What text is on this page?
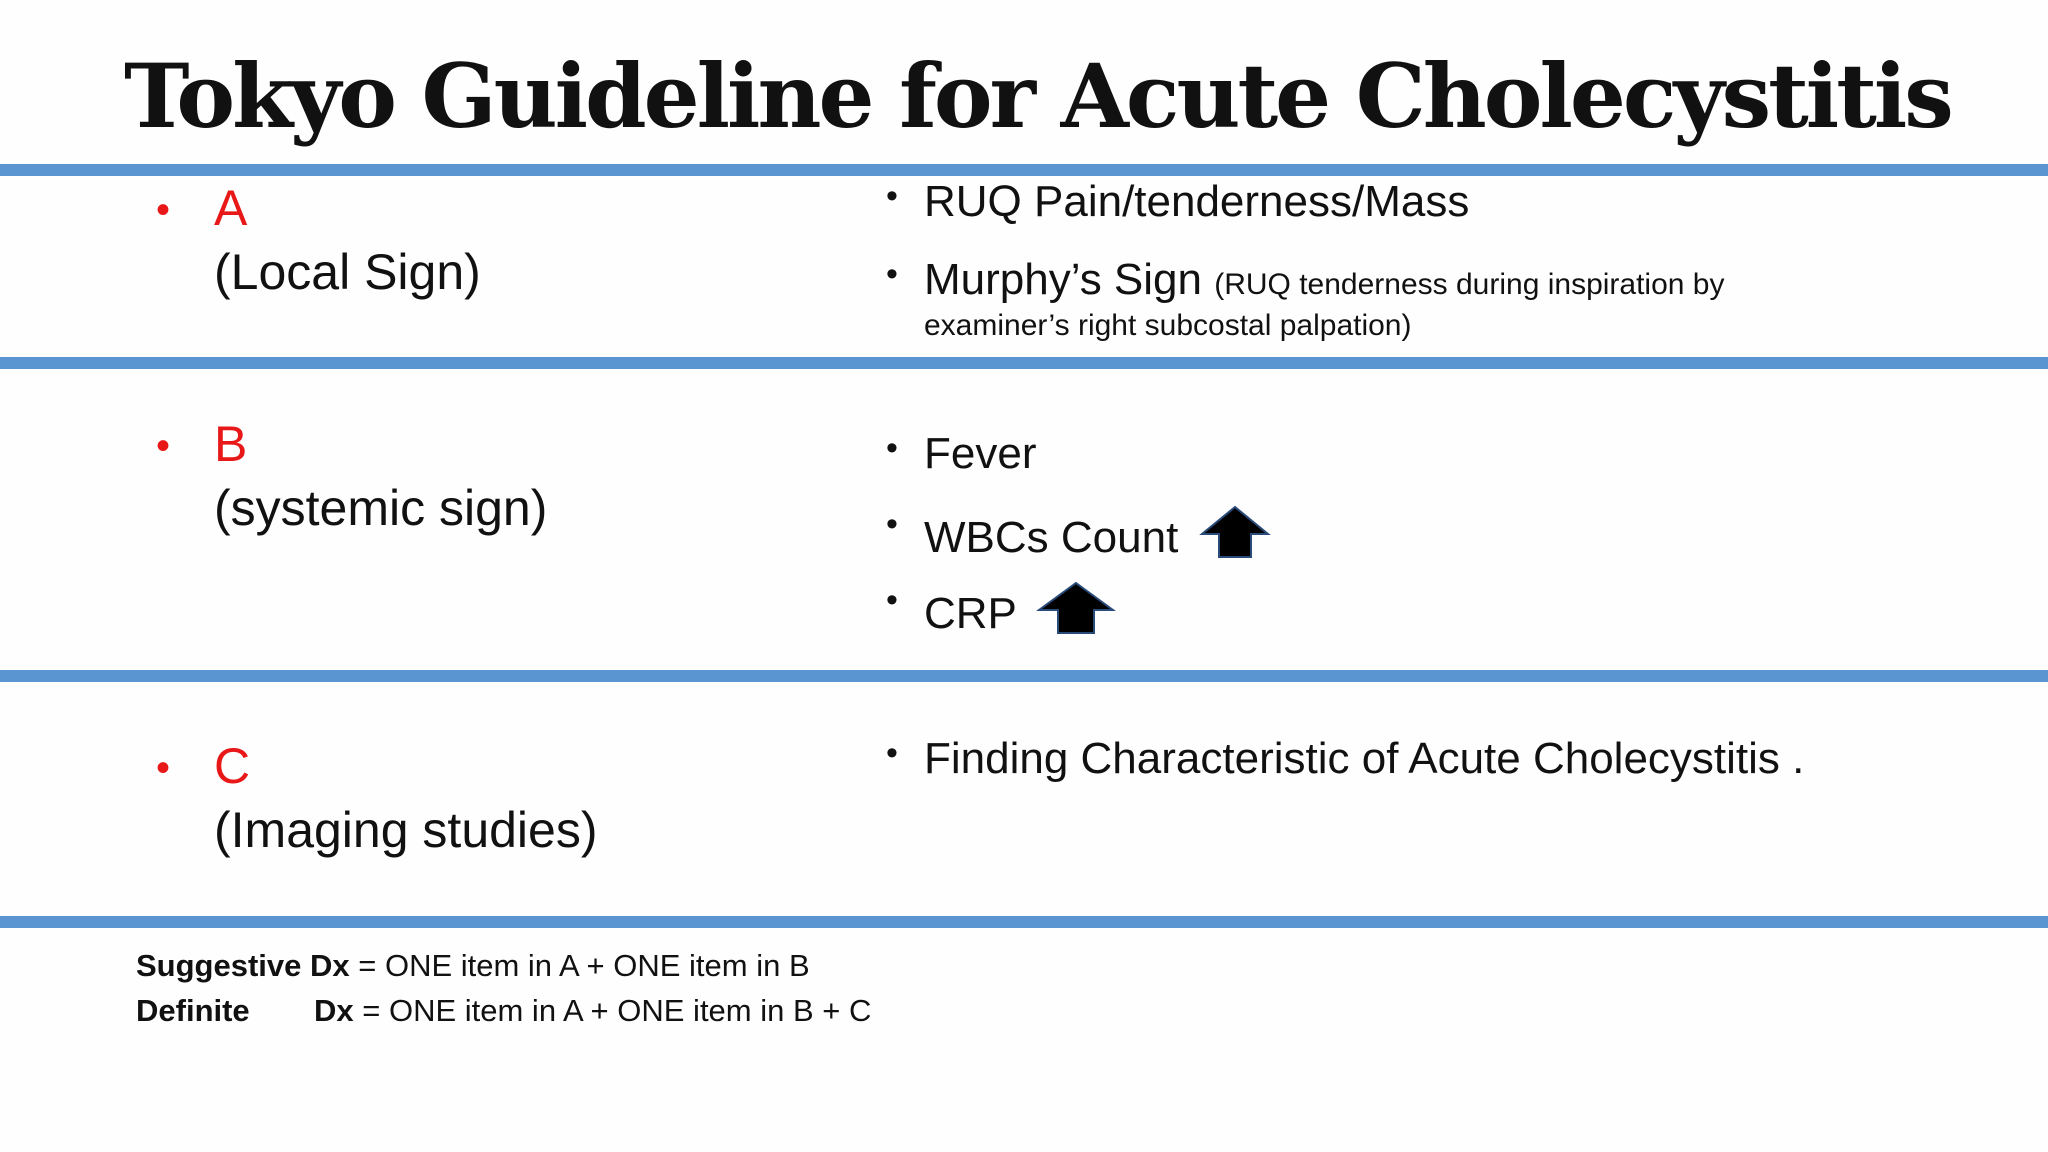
Tokyo Guideline for Acute Cholecystitis
• A
(Local Sign)
• RUQ Pain/tenderness/Mass
• Murphy’s Sign (RUQ tenderness during inspiration by
examiner’s right subcostal palpation)
• B
(systemic sign)
• Fever
• WBCs Count
• CRP
• C
(Imaging studies)
• Finding Characteristic of Acute Cholecystitis .
Suggestive Dx = ONE item in A + ONE item in B
Definite Dx = ONE item in A + ONE item in B + C
